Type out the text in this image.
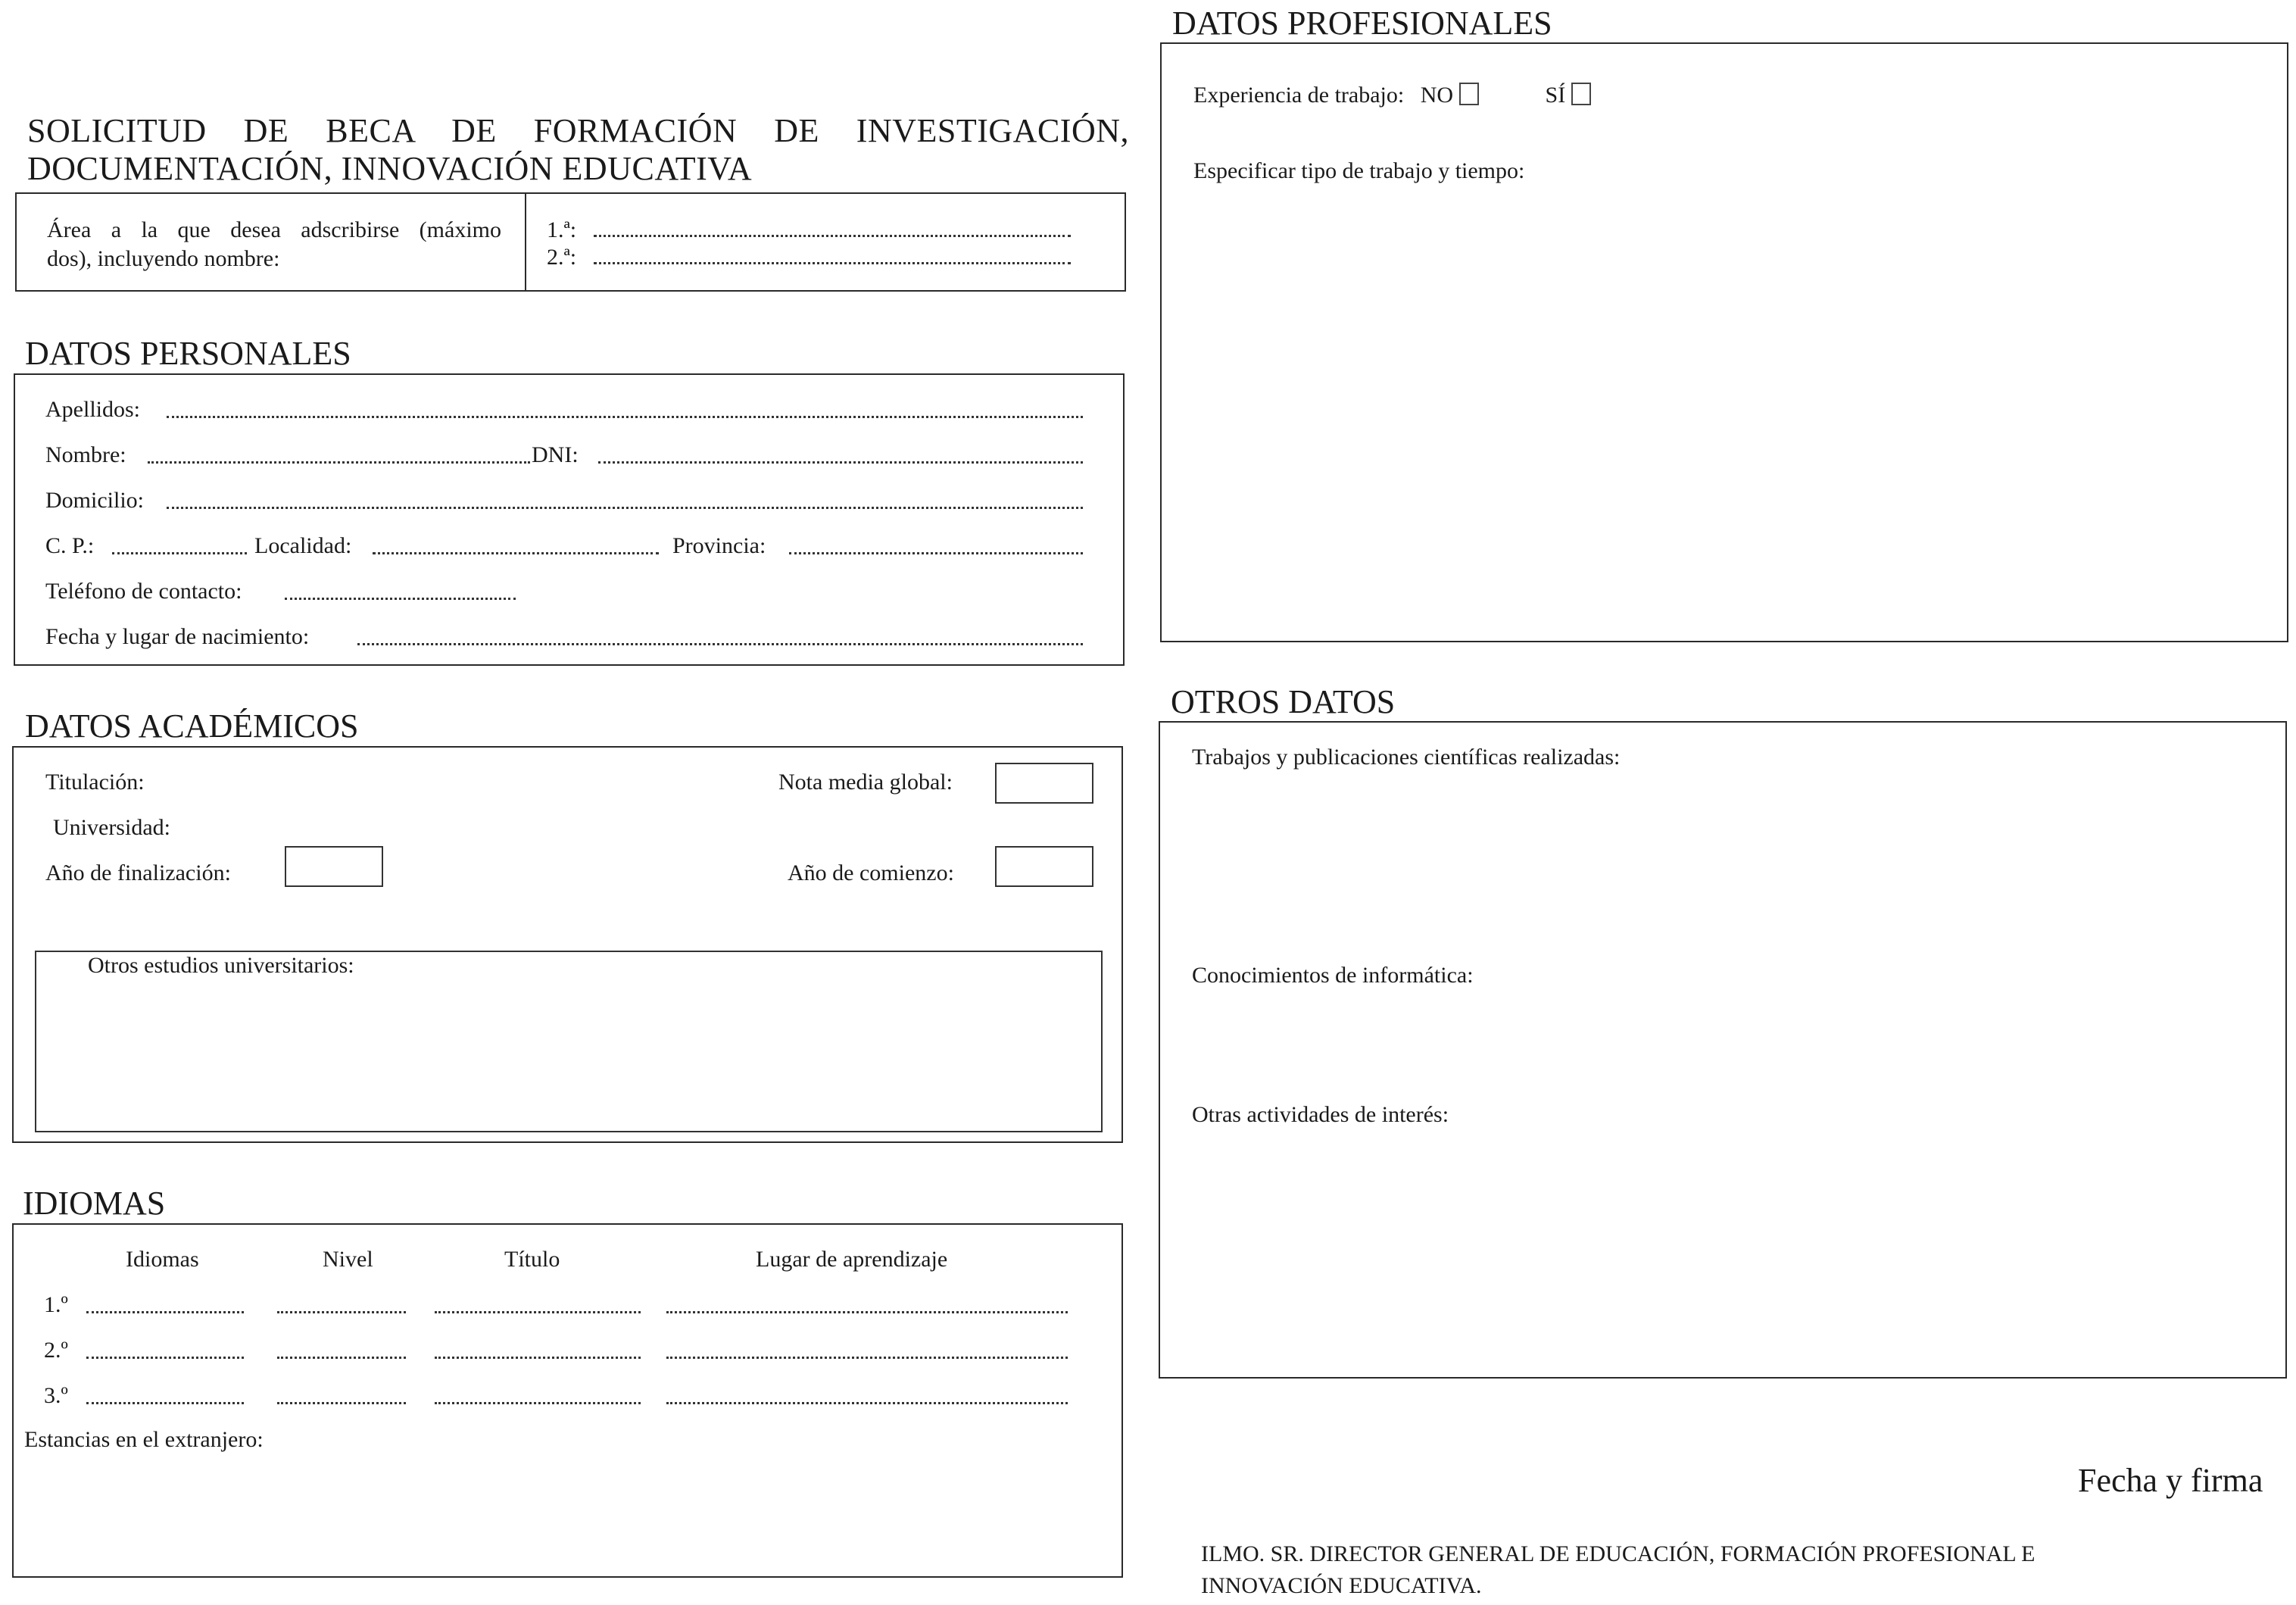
SOLICITUD DE BECA DE FORMACIÓN DE INVESTIGACIÓN,
DOCUMENTACIÓN, INNOVACIÓN EDUCATIVA
Área a la que desea adscribirse (máximo
dos), incluyendo nombre:
1.ª:
2.ª:
DATOS PERSONALES
Apellidos:
Nombre:	DNI:
Domicilio:
C. P.:	Localidad:	Provincia:
Teléfono de contacto:
Fecha y lugar de nacimiento:
DATOS ACADÉMICOS
Titulación:	Nota media global:
Universidad:
Año de finalización:	Año de comienzo:
Otros estudios universitarios:
IDIOMAS
Idiomas	Nivel	Título	Lugar de aprendizaje
1.º
2.º
3.º
Estancias en el extranjero:
DATOS PROFESIONALES
Experiencia de trabajo: NO	SÍ
Especificar tipo de trabajo y tiempo:
OTROS DATOS
Trabajos y publicaciones científicas realizadas:
Conocimientos de informática:
Otras actividades de interés:
Fecha y firma
ILMO. SR. DIRECTOR GENERAL DE EDUCACIÓN, FORMACIÓN PROFESIONAL E
INNOVACIÓN EDUCATIVA.
